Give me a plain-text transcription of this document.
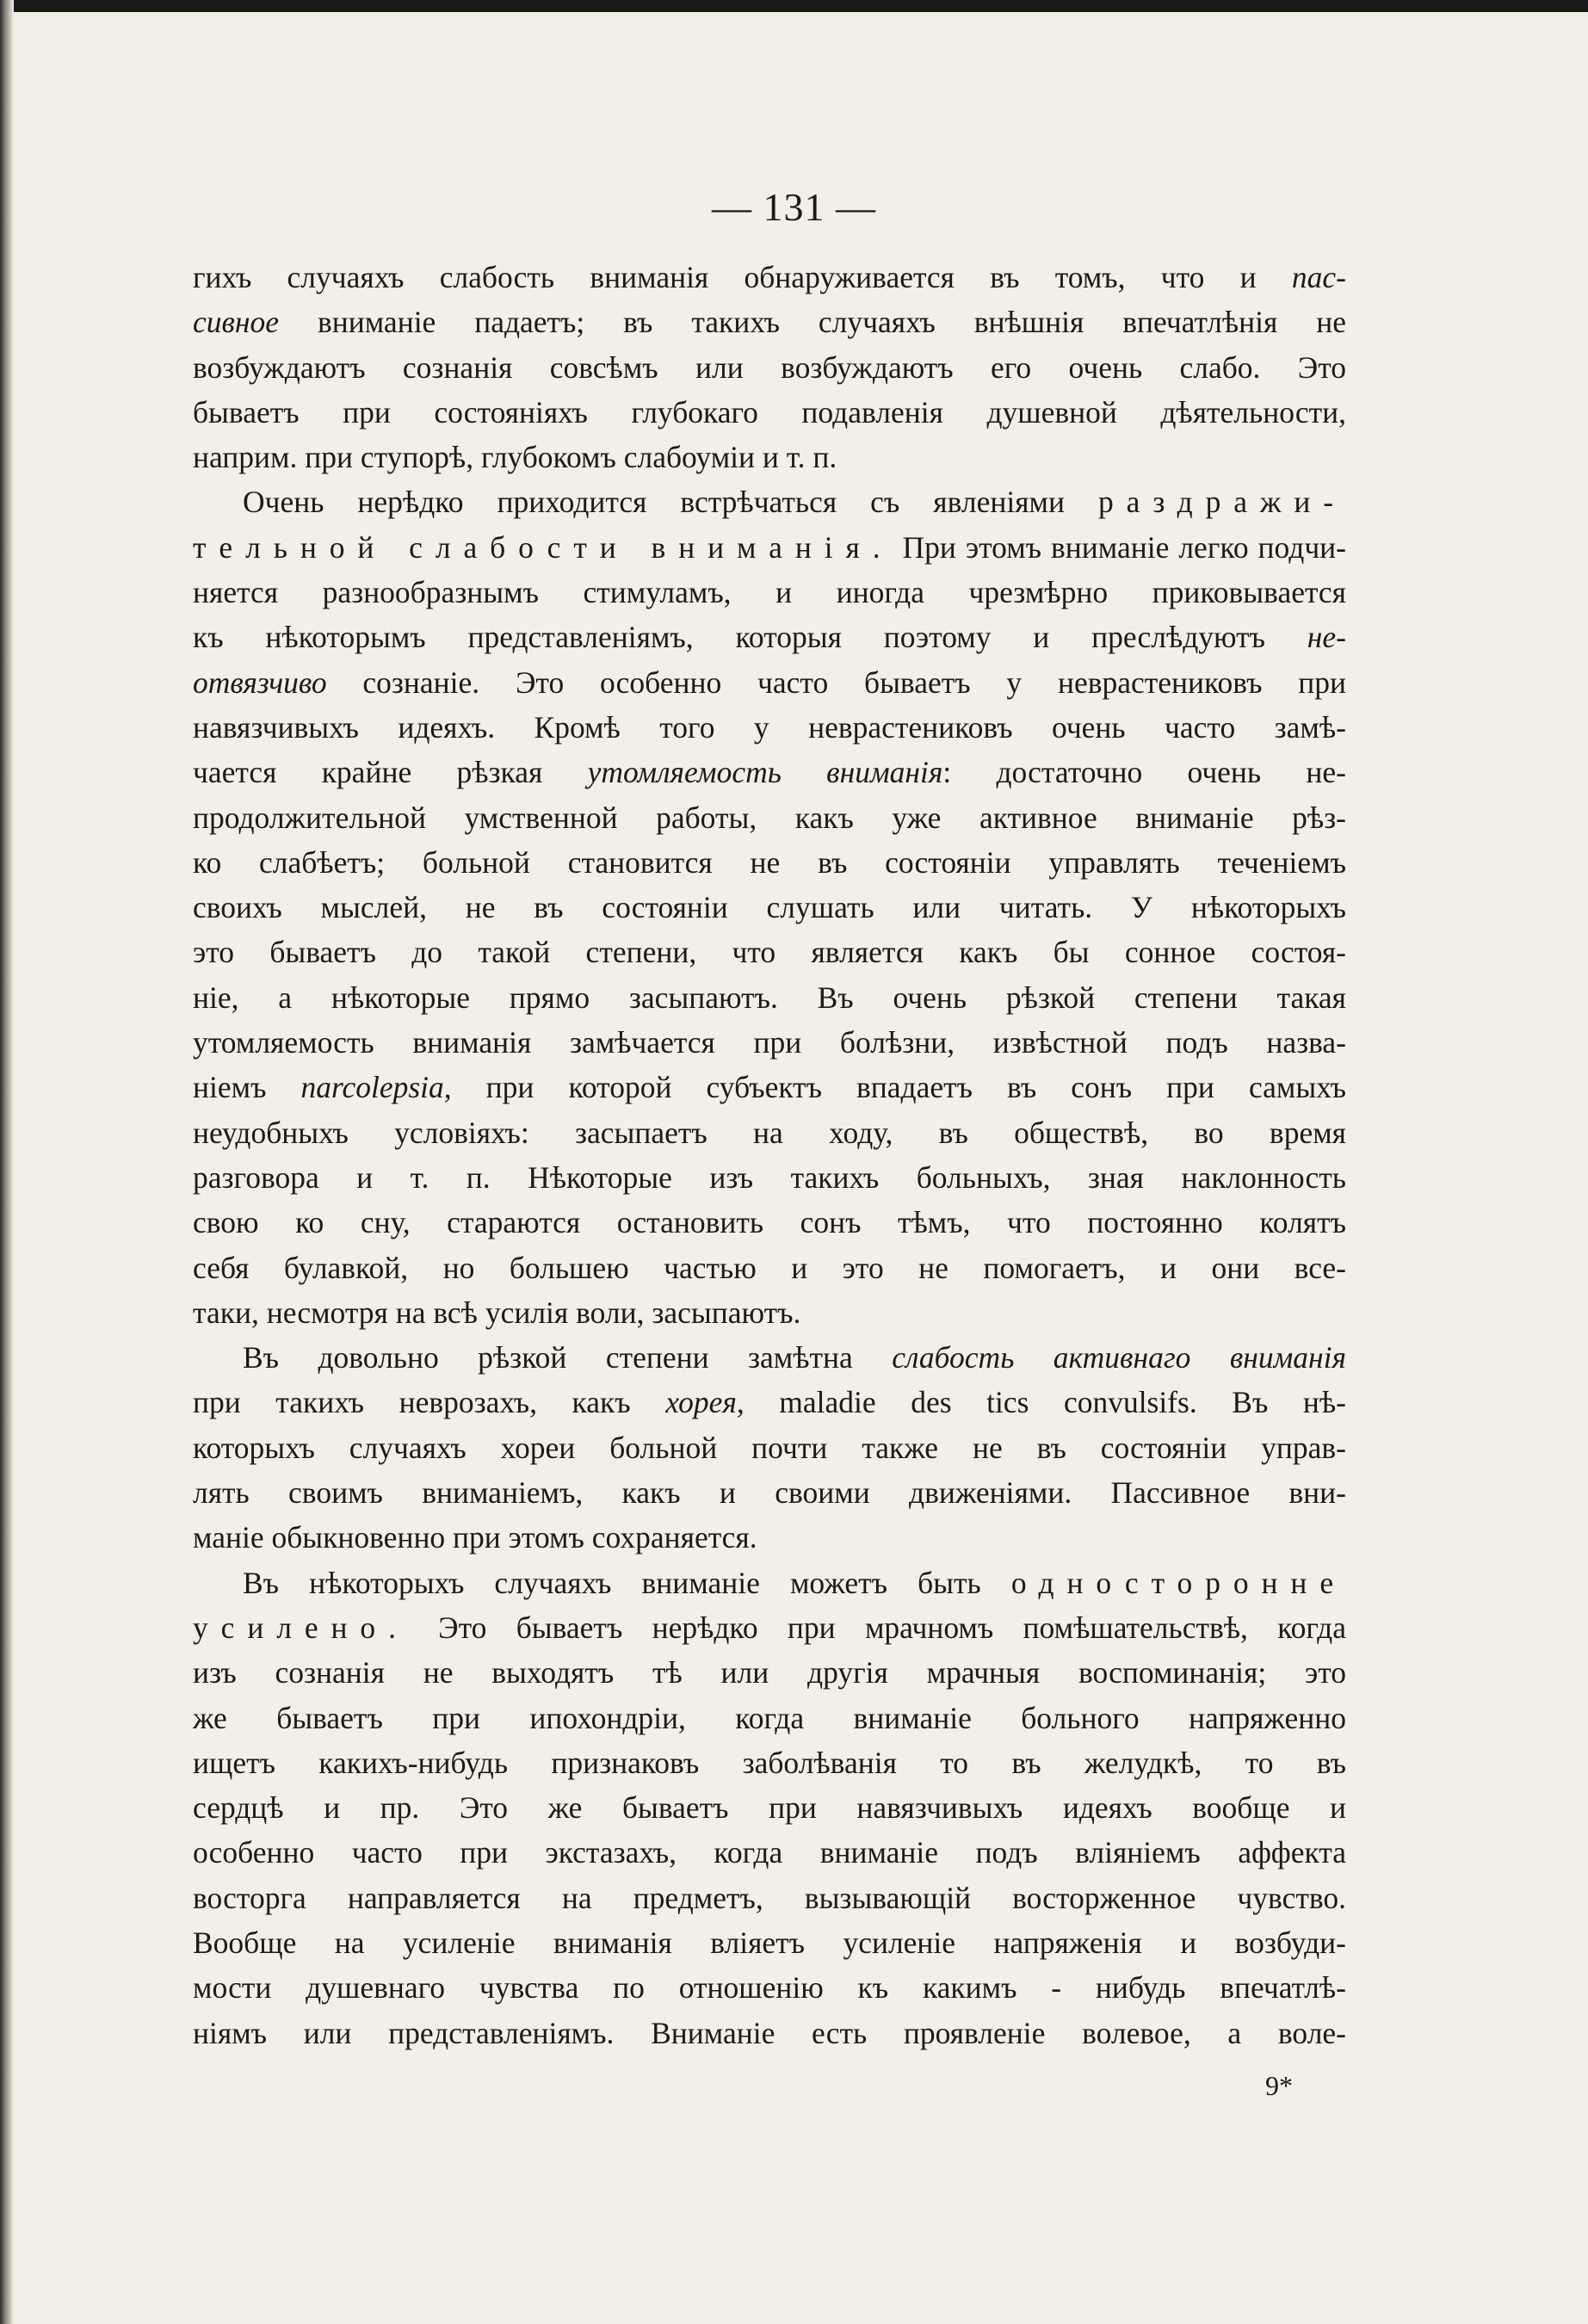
— 131 —
гихъ случаяхъ слабость вниманія обнаруживается въ томъ, что и пас-
сивное вниманіе падаетъ; въ такихъ случаяхъ внѣшнія впечатлѣнія не
возбуждаютъ сознанія совсѣмъ или возбуждаютъ его очень слабо. Это
бываетъ при состояніяхъ глубокаго подавленія душевной дѣятельности,
наприм. при ступорѣ, глубокомъ слабоуміи и т. п.
Очень нерѣдко приходится встрѣчаться съ явленіями раздражи-
тельной слабости вниманія. При этомъ вниманіе легко подчи-
няется разнообразнымъ стимуламъ, и иногда чрезмѣрно приковывается
къ нѣкоторымъ представленіямъ, которыя поэтому и преслѣдуютъ не-
отвязчиво сознаніе. Это особенно часто бываетъ у неврастениковъ при
навязчивыхъ идеяхъ. Кромѣ того у неврастениковъ очень часто замѣ-
чается крайне рѣзкая утомляемость вниманія: достаточно очень не-
продолжительной умственной работы, какъ уже активное вниманіе рѣз-
ко слабѣетъ; больной становится не въ состояніи управлять теченіемъ
своихъ мыслей, не въ состояніи слушать или читать. У нѣкоторыхъ
это бываетъ до такой степени, что является какъ бы сонное состоя-
ніе, а нѣкоторые прямо засыпаютъ. Въ очень рѣзкой степени такая
утомляемость вниманія замѣчается при болѣзни, извѣстной подъ назва-
ніемъ narcolepsia, при которой субъектъ впадаетъ въ сонъ при самыхъ
неудобныхъ условіяхъ: засыпаетъ на ходу, въ обществѣ, во время
разговора и т. п. Нѣкоторые изъ такихъ больныхъ, зная наклонность
свою ко сну, стараются остановить сонъ тѣмъ, что постоянно колятъ
себя булавкой, но большею частью и это не помогаетъ, и они все-
таки, несмотря на всѣ усилія воли, засыпаютъ.
Въ довольно рѣзкой степени замѣтна слабость активнаго вниманія
при такихъ неврозахъ, какъ хорея, maladie des tics convulsifs. Въ нѣ-
которыхъ случаяхъ хореи больной почти также не въ состояніи управ-
лять своимъ вниманіемъ, какъ и своими движеніями. Пассивное вни-
маніе обыкновенно при этомъ сохраняется.
Въ нѣкоторыхъ случаяхъ вниманіе можетъ быть односторонне
усилено. Это бываетъ нерѣдко при мрачномъ помѣшательствѣ, когда
изъ сознанія не выходятъ тѣ или другія мрачныя воспоминанія; это
же бываетъ при ипохондріи, когда вниманіе больного напряженно
ищетъ какихъ-нибудь признаковъ заболѣванія то въ желудкѣ, то въ
сердцѣ и пр. Это же бываетъ при навязчивыхъ идеяхъ вообще и
особенно часто при экстазахъ, когда вниманіе подъ вліяніемъ аффекта
восторга направляется на предметъ, вызывающій восторженное чувство.
Вообще на усиленіе вниманія вліяетъ усиленіе напряженія и возбуди-
мости душевнаго чувства по отношенію къ какимъ - нибудь впечатлѣ-
ніямъ или представленіямъ. Вниманіе есть проявленіе волевое, а воле-
9*
